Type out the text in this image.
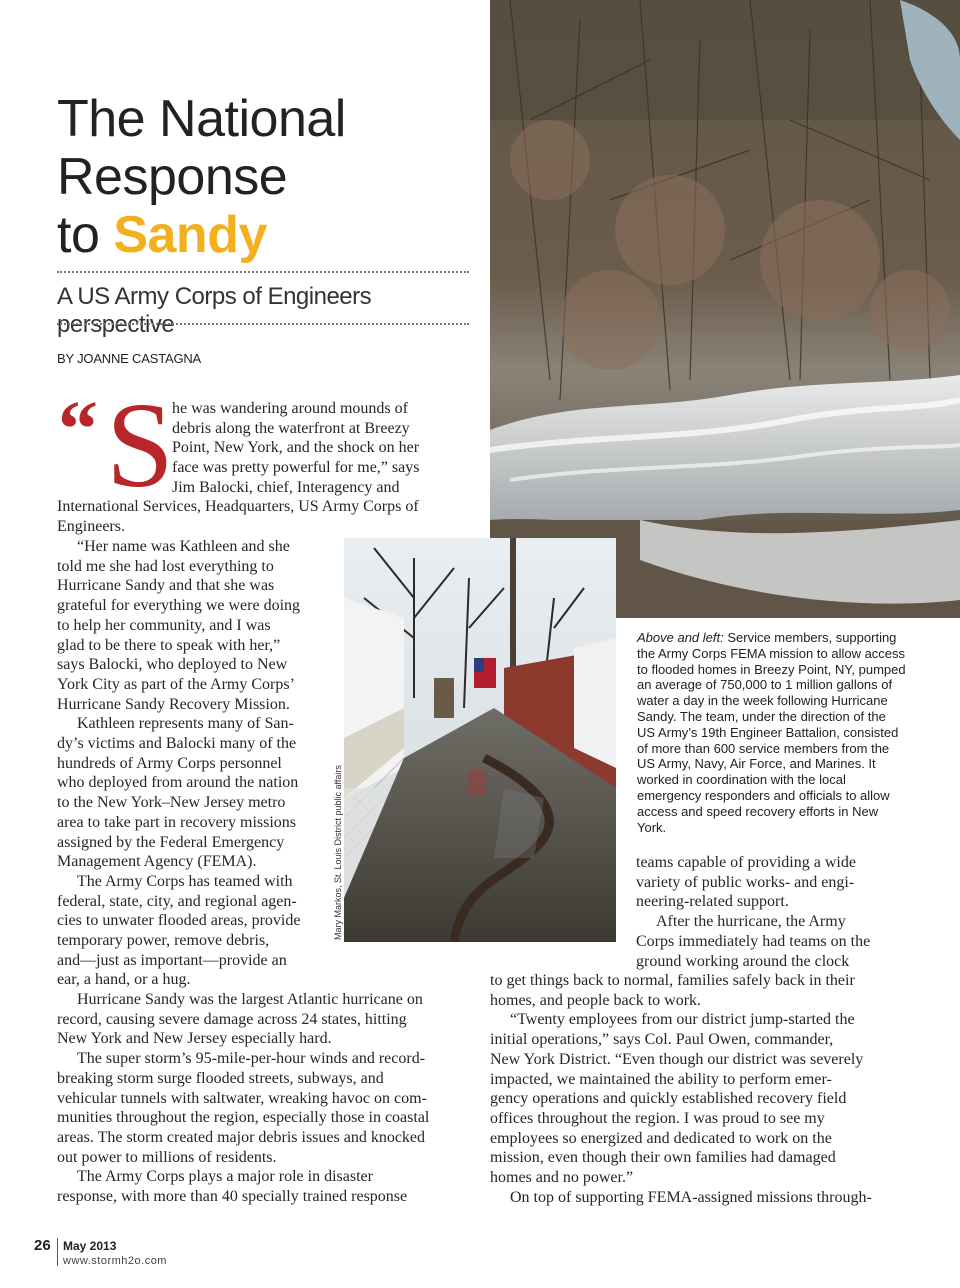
The National
Response
to Sandy
A US Army Corps of Engineers perspective
BY JOANNE CASTAGNA
“ S
he was wandering around mounds of
debris along the waterfront at Breezy
Point, New York, and the shock on her
face was pretty powerful for me,” says
Jim Balocki, chief, Interagency and
International Services, Headquarters, US Army Corps of
Engineers.
“Her name was Kathleen and she
told me she had lost everything to
Hurricane Sandy and that she was
grateful for everything we were doing
to help her community, and I was
glad to be there to speak with her,”
says Balocki, who deployed to New
York City as part of the Army Corps’
Hurricane Sandy Recovery Mission.
Kathleen represents many of San-
dy’s victims and Balocki many of the
hundreds of Army Corps personnel
who deployed from around the nation
to the New York–New Jersey metro
area to take part in recovery missions
assigned by the Federal Emergency
Management Agency (FEMA).
The Army Corps has teamed with
federal, state, city, and regional agen-
cies to unwater flooded areas, provide
temporary power, remove debris,
and—just as important—provide an
ear, a hand, or a hug.
Hurricane Sandy was the largest Atlantic hurricane on
record, causing severe damage across 24 states, hitting
New York and New Jersey especially hard.
The super storm’s 95-mile-per-hour winds and record-
breaking storm surge flooded streets, subways, and
vehicular tunnels with saltwater, wreaking havoc on com-
munities throughout the region, especially those in coastal
areas. The storm created major debris issues and knocked
out power to millions of residents.
The Army Corps plays a major role in disaster
response, with more than 40 specially trained response
Mary Markos, St. Louis District public affairs
Above and left: Service members, supporting the Army Corps FEMA mission to allow access to flooded homes in Breezy Point, NY, pumped an average of 750,000 to 1 million gallons of water a day in the week following Hurricane Sandy. The team, under the direction of the US Army’s 19th Engineer Battalion, consisted of more than 600 service members from the US Army, Navy, Air Force, and Marines. It worked in coordination with the local emergency responders and officials to allow access and speed recovery efforts in New York.
teams capable of providing a wide
variety of public works- and engi-
neering-related support.
After the hurricane, the Army
Corps immediately had teams on the
ground working around the clock
to get things back to normal, families safely back in their
homes, and people back to work.
“Twenty employees from our district jump-started the
initial operations,” says Col. Paul Owen, commander,
New York District. “Even though our district was severely
impacted, we maintained the ability to perform emer-
gency operations and quickly established recovery field
offices throughout the region. I was proud to see my
employees so energized and dedicated to work on the
mission, even though their own families had damaged
homes and no power.”
On top of supporting FEMA-assigned missions through-
26 May 2013
www.stormh2o.com
